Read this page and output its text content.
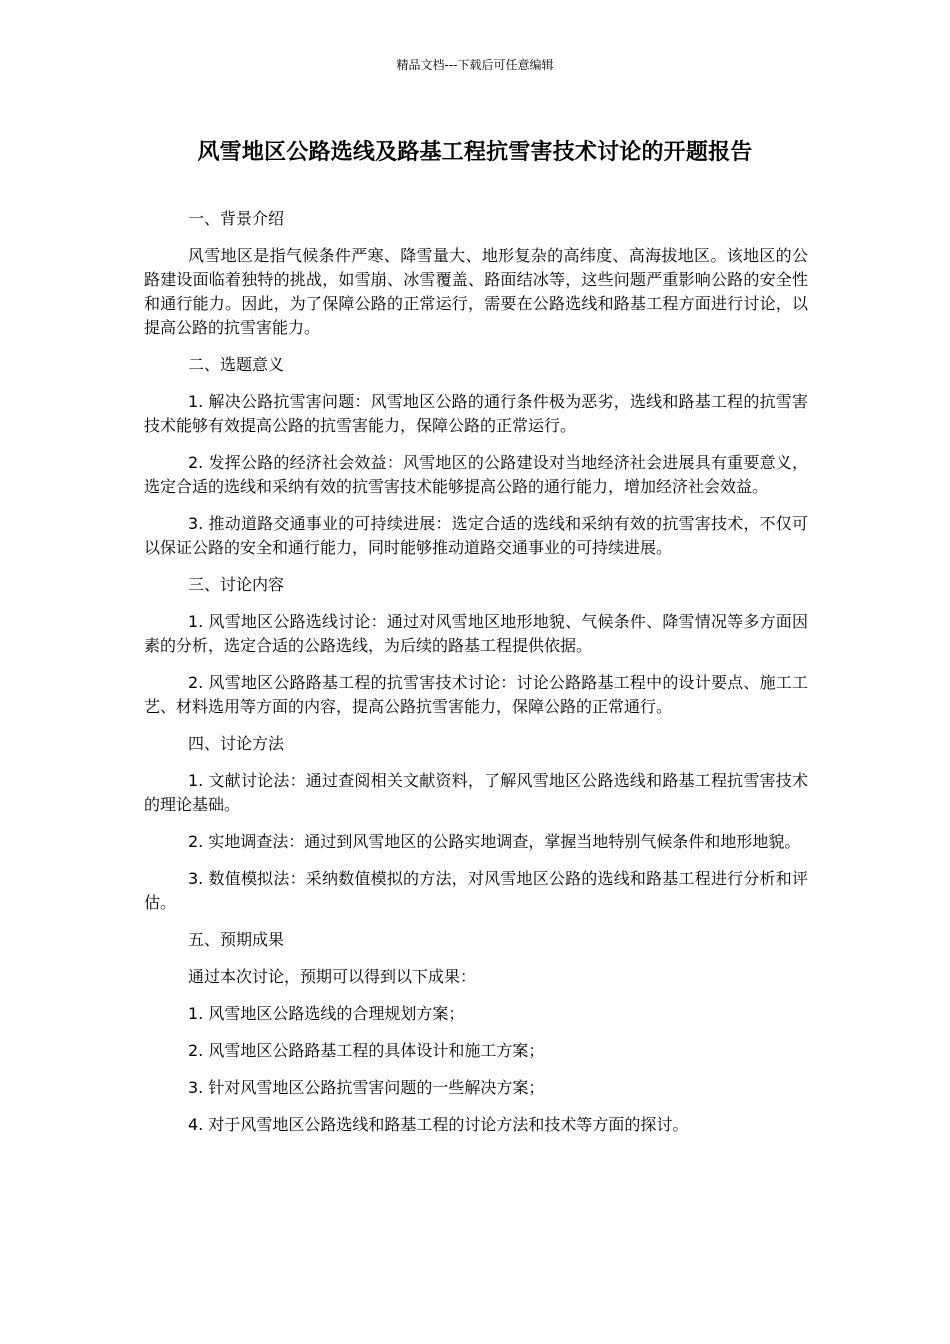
精品文档---下载后可任意编辑
风雪地区公路选线及路基工程抗雪害技术讨论的开题报告

一、背景介绍

风雪地区是指气候条件严寒、降雪量大、地形复杂的高纬度、高海拔地区。该地区的公路建设面临着独特的挑战，如雪崩、冰雪覆盖、路面结冰等，这些问题严重影响公路的安全性和通行能力。因此，为了保障公路的正常运行，需要在公路选线和路基工程方面进行讨论，以提高公路的抗雪害能力。

二、选题意义

1. 解决公路抗雪害问题：风雪地区公路的通行条件极为恶劣，选线和路基工程的抗雪害技术能够有效提高公路的抗雪害能力，保障公路的正常运行。

2. 发挥公路的经济社会效益：风雪地区的公路建设对当地经济社会进展具有重要意义，选定合适的选线和采纳有效的抗雪害技术能够提高公路的通行能力，增加经济社会效益。

3. 推动道路交通事业的可持续进展：选定合适的选线和采纳有效的抗雪害技术，不仅可以保证公路的安全和通行能力，同时能够推动道路交通事业的可持续进展。

三、讨论内容

1. 风雪地区公路选线讨论：通过对风雪地区地形地貌、气候条件、降雪情况等多方面因素的分析，选定合适的公路选线，为后续的路基工程提供依据。

2. 风雪地区公路路基工程的抗雪害技术讨论：讨论公路路基工程中的设计要点、施工工艺、材料选用等方面的内容，提高公路抗雪害能力，保障公路的正常通行。

四、讨论方法

1. 文献讨论法：通过查阅相关文献资料，了解风雪地区公路选线和路基工程抗雪害技术的理论基础。

2. 实地调查法：通过到风雪地区的公路实地调查，掌握当地特别气候条件和地形地貌。

3. 数值模拟法：采纳数值模拟的方法，对风雪地区公路的选线和路基工程进行分析和评估。

五、预期成果

通过本次讨论，预期可以得到以下成果：

1. 风雪地区公路选线的合理规划方案；

2. 风雪地区公路路基工程的具体设计和施工方案；

3. 针对风雪地区公路抗雪害问题的一些解决方案；

4. 对于风雪地区公路选线和路基工程的讨论方法和技术等方面的探讨。
